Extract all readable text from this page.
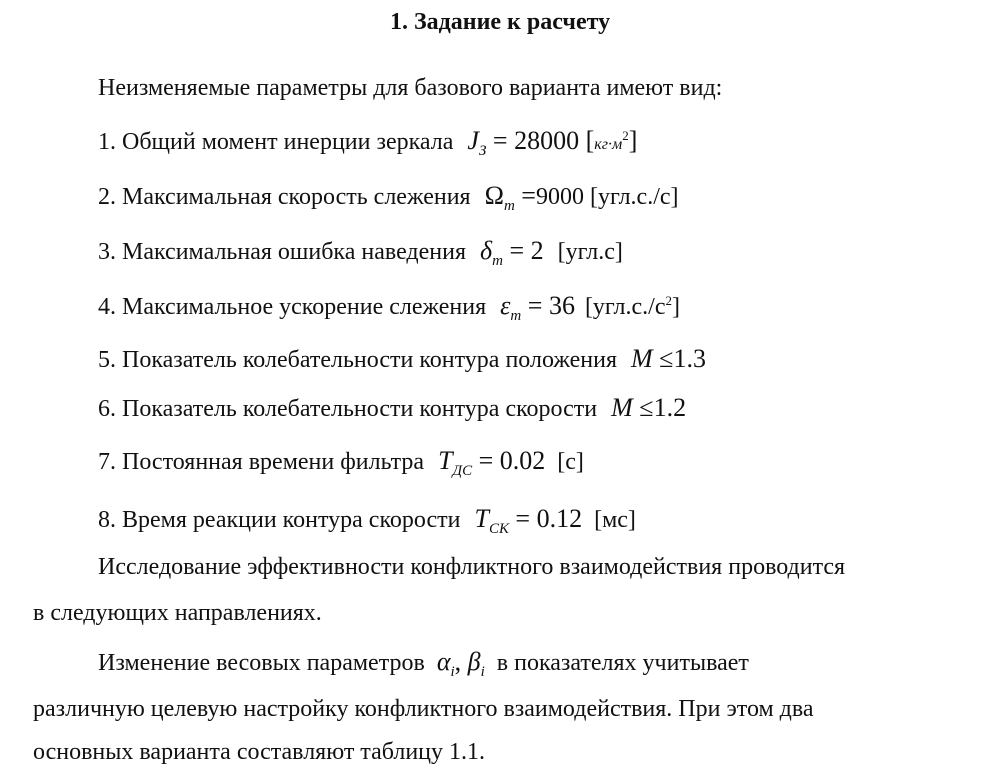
1. Задание к расчету
Неизменяемые параметры для базового варианта имеют вид:
1. Общий момент инерции зеркала $J_З = 28000$ $[кг\cdot м^2]$
2. Максимальная скорость слежения $\Omega_m =9000$ [угл.с./с]
3. Максимальная ошибка наведения $\delta_m = 2$ [угл.с]
4. Максимальное ускорение слежения $\varepsilon_m = 36$ $[угл.с./с^2]$
5. Показатель колебательности контура положения M ≤1.3
6. Показатель колебательности контура скорости M ≤1.2
7. Постоянная времени фильтра $T_{ДС} = 0.02$ [с]
8. Время реакции контура скорости $T_{СК} = 0.12$ [мс]
Исследование эффективности конфликтного взаимодействия проводится
в следующих направлениях.
Изменение весовых параметров $\alpha_i$, $\beta_i$ в показателях учитывает
различную целевую настройку конфликтного взаимодействия. При этом два
основных варианта составляют таблицу 1.1.
